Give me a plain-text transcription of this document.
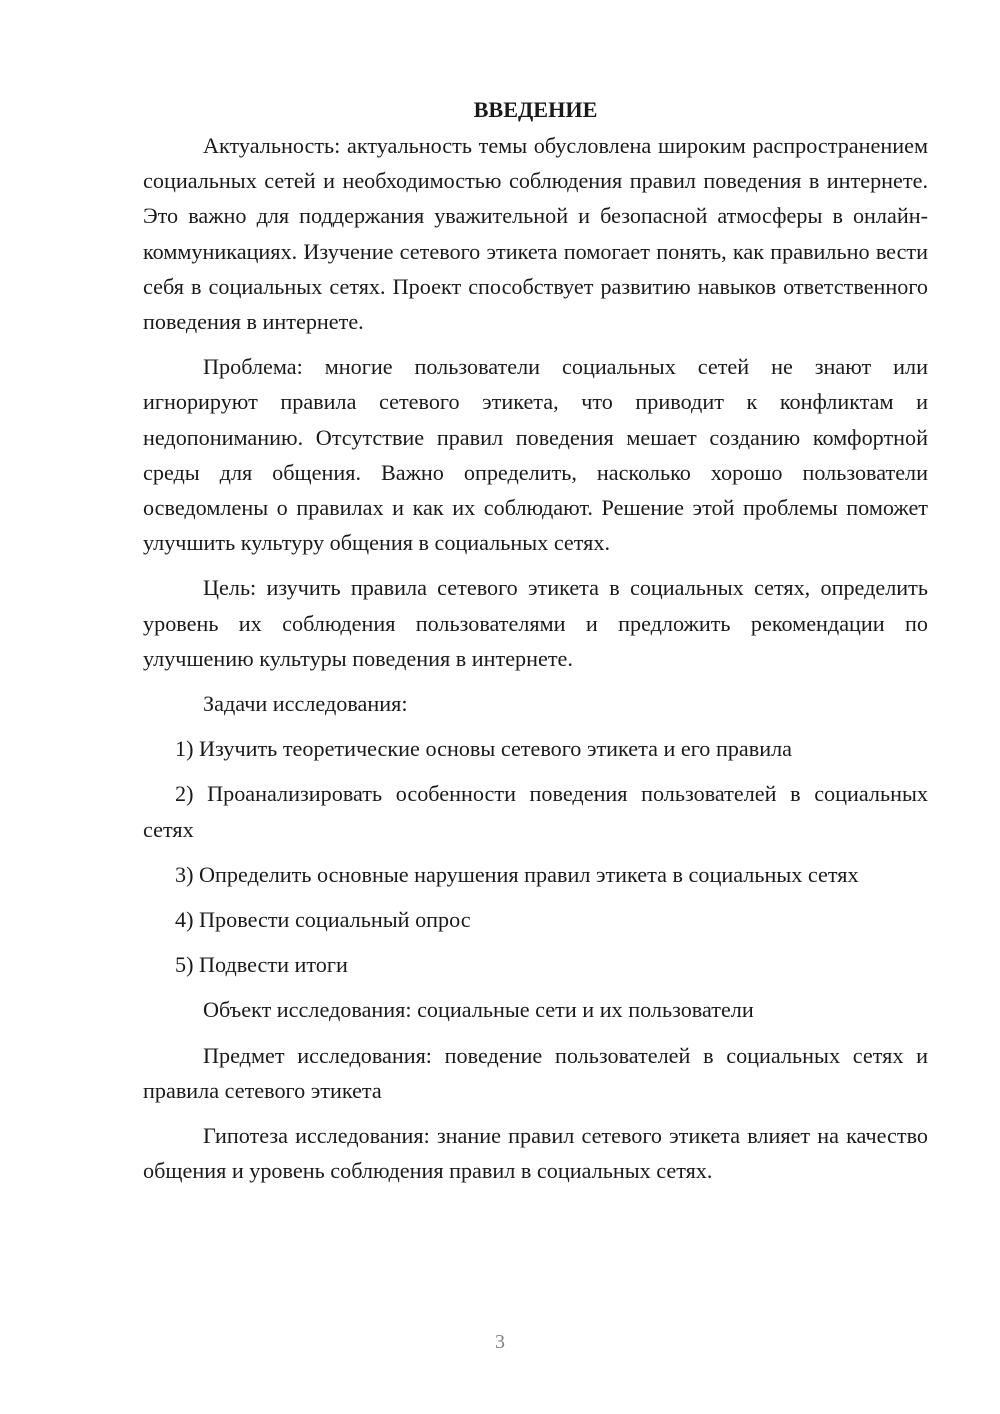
ВВЕДЕНИЕ

Актуальность: актуальность темы обусловлена широким распространением социальных сетей и необходимостью соблюдения правил поведения в интернете. Это важно для поддержания уважительной и безопасной атмосферы в онлайн-коммуникациях. Изучение сетевого этикета помогает понять, как правильно вести себя в социальных сетях. Проект способствует развитию навыков ответственного поведения в интернете.

Проблема: многие пользователи социальных сетей не знают или игнорируют правила сетевого этикета, что приводит к конфликтам и недопониманию. Отсутствие правил поведения мешает созданию комфортной среды для общения. Важно определить, насколько хорошо пользователи осведомлены о правилах и как их соблюдают. Решение этой проблемы поможет улучшить культуру общения в социальных сетях.

Цель: изучить правила сетевого этикета в социальных сетях, определить уровень их соблюдения пользователями и предложить рекомендации по улучшению культуры поведения в интернете.

Задачи исследования:

1) Изучить теоретические основы сетевого этикета и его правила

2) Проанализировать особенности поведения пользователей в социальных сетях

3) Определить основные нарушения правил этикета в социальных сетях

4) Провести социальный опрос

5) Подвести итоги

Объект исследования: социальные сети и их пользователи

Предмет исследования: поведение пользователей в социальных сетях и правила сетевого этикета

Гипотеза исследования: знание правил сетевого этикета влияет на качество общения и уровень соблюдения правил в социальных сетях.

3
